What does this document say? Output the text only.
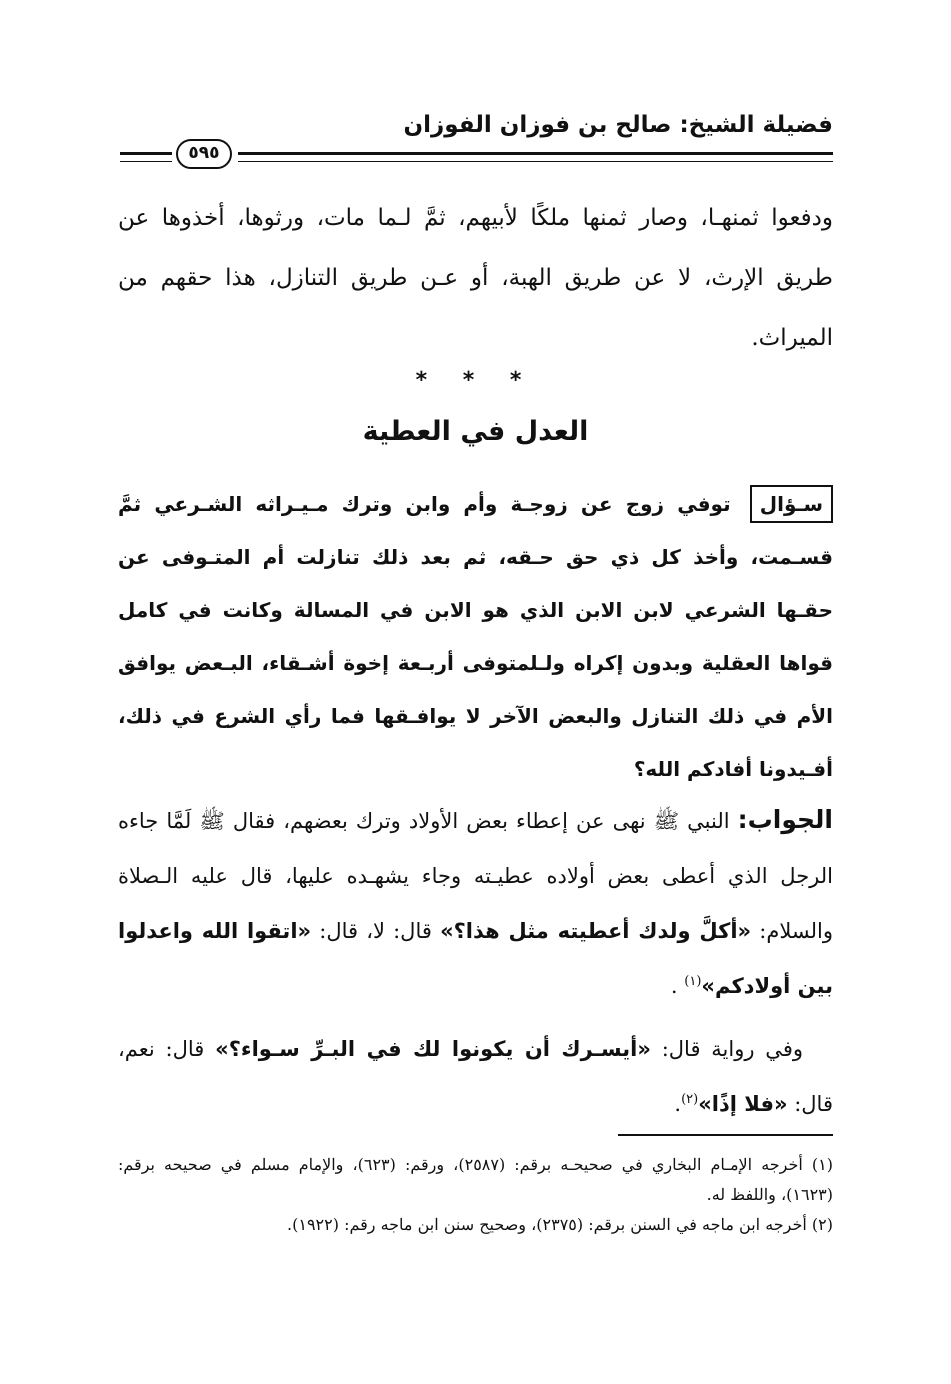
فضيلة الشيخ: صالح بن فوزان الفوزان
٥٩٥
ودفعوا ثمنهـا، وصار ثمنها ملكًا لأبيهم، ثمَّ لـما مات، ورثوها، أخذوها عن طريق الإرث، لا عن طريق الهبة، أو عـن طريق التنازل، هذا حقهم من الميراث.
* * *
العدل في العطية
سـؤال توفي زوج عن زوجـة وأم وابن وترك مـيـراثه الشـرعي ثمَّ قسـمت، وأخذ كل ذي حق حـقه، ثم بعد ذلك تنازلت أم المتـوفى عن حقـها الشرعي لابن الابن الذي هو الابن في المسالة وكانت في كامل قواها العقلية وبدون إكراه ولـلمتوفى أربـعة إخوة أشـقاء، البـعض يوافق الأم في ذلك التنازل والبعض الآخر لا يوافـقها فما رأي الشرع في ذلك، أفـيدونا أفادكم الله؟
الجواب: النبي ﷺ نهى عن إعطاء بعض الأولاد وترك بعضهم، فقال ﷺ لَمَّا جاءه الرجل الذي أعطى بعض أولاده عطيـته وجاء يشهـده عليها، قال عليه الـصلاة والسلام: «أكلَّ ولدك أعطيته مثل هذا؟» قال: لا، قال: «اتقوا الله واعدلوا بين أولادكم»$^{(١)}$ .
وفي رواية قال: «أيسـرك أن يكونوا لك في البـرِّ سـواء؟» قال: نعم، قال: «فلا إذًا»$^{(٢)}$.

(١) أخرجه الإمـام البخاري في صحيحـه برقم: (٢٥٨٧)، ورقم: (٦٢٣)، والإمام مسلم في صحيحه برقم: (١٦٢٣)، واللفظ له.

(٢) أخرجه ابن ماجه في السنن برقم: (٢٣٧٥)، وصحيح سنن ابن ماجه رقم: (١٩٢٢).
